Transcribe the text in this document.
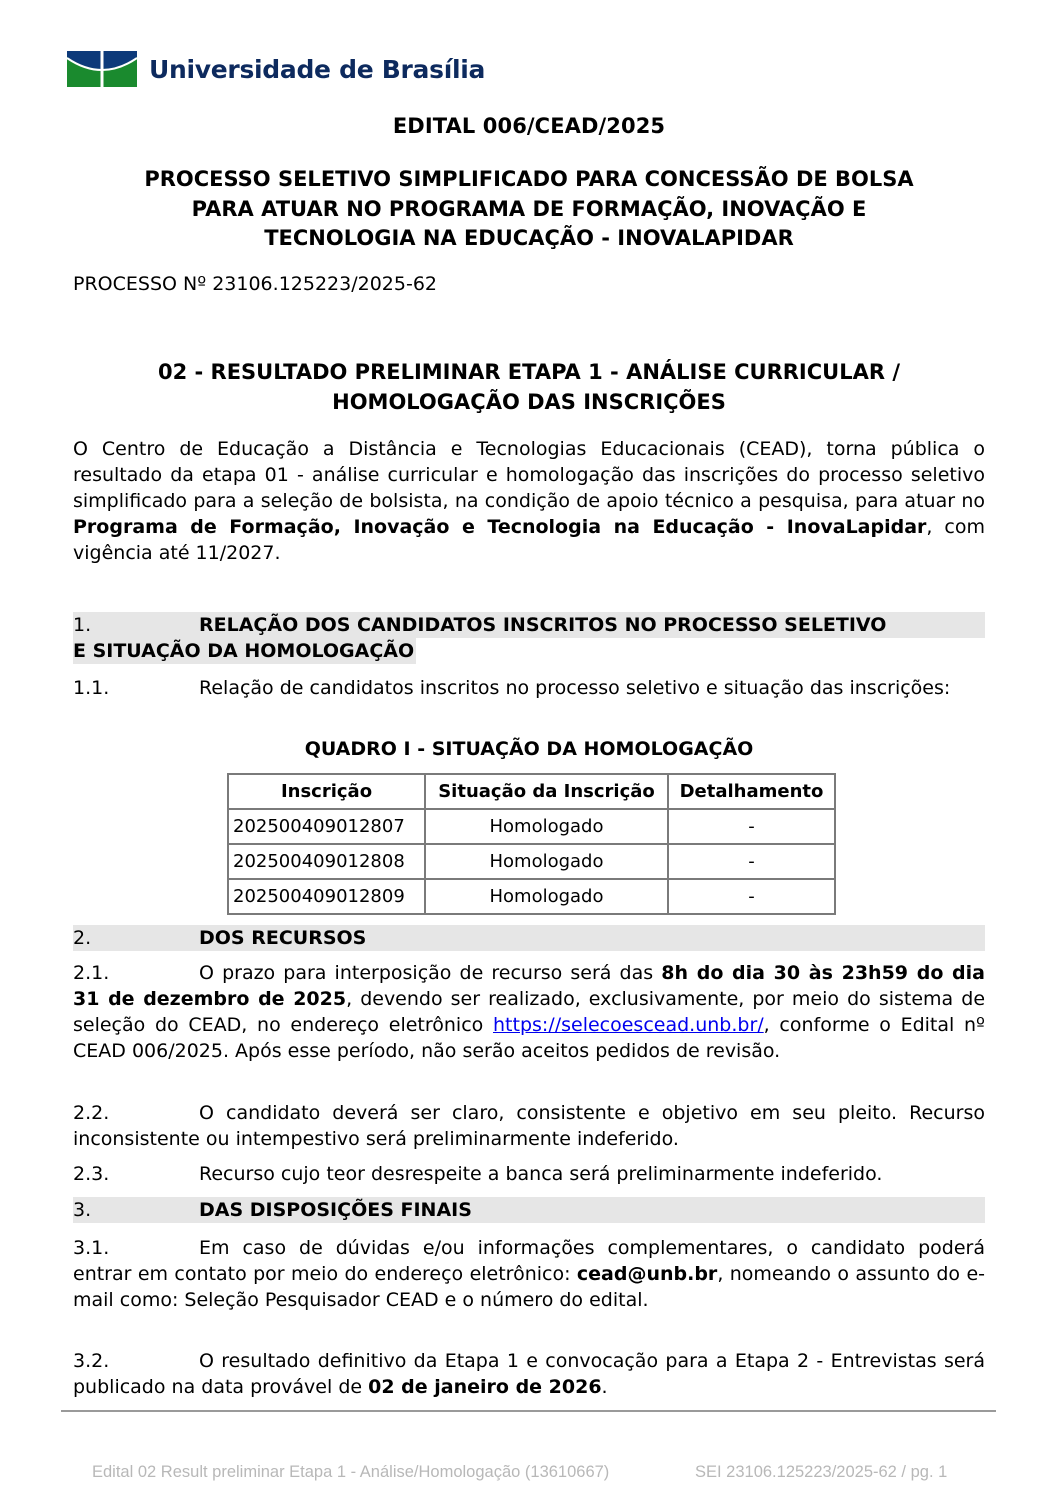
Universidade de Brasília
EDITAL 006/CEAD/2025
PROCESSO SELETIVO SIMPLIFICADO PARA CONCESSÃO DE BOLSA
PARA ATUAR NO PROGRAMA DE FORMAÇÃO, INOVAÇÃO E
TECNOLOGIA NA EDUCAÇÃO - INOVALAPIDAR
PROCESSO Nº 23106.125223/2025-62
02 - RESULTADO PRELIMINAR ETAPA 1 - ANÁLISE CURRICULAR /
HOMOLOGAÇÃO DAS INSCRIÇÕES
O Centro de Educação a Distância e Tecnologias Educacionais (CEAD), torna pública o resultado da etapa 01 - análise curricular e homologação das inscrições do processo seletivo simplificado para a seleção de bolsista, na condição de apoio técnico a pesquisa, para atuar no Programa de Formação, Inovação e Tecnologia na Educação - InovaLapidar, com vigência até 11/2027.
1.	RELAÇÃO DOS CANDIDATOS INSCRITOS NO PROCESSO SELETIVO
E SITUAÇÃO DA HOMOLOGAÇÃO
1.1.	Relação de candidatos inscritos no processo seletivo e situação das inscrições:
QUADRO I - SITUAÇÃO DA HOMOLOGAÇÃO
Inscrição	Situação da Inscrição	Detalhamento
202500409012807	Homologado	-
202500409012808	Homologado	-
202500409012809	Homologado	-
2.	DOS RECURSOS
2.1.	O prazo para interposição de recurso será das 8h do dia 30 às 23h59 do dia 31 de dezembro de 2025, devendo ser realizado, exclusivamente, por meio do sistema de seleção do CEAD, no endereço eletrônico https://selecoescead.unb.br/, conforme o Edital nº CEAD 006/2025. Após esse período, não serão aceitos pedidos de revisão.
2.2.	O candidato deverá ser claro, consistente e objetivo em seu pleito. Recurso inconsistente ou intempestivo será preliminarmente indeferido.
2.3.	Recurso cujo teor desrespeite a banca será preliminarmente indeferido.
3.	DAS DISPOSIÇÕES FINAIS
3.1.	Em caso de dúvidas e/ou informações complementares, o candidato poderá entrar em contato por meio do endereço eletrônico: cead@unb.br, nomeando o assunto do e-mail como: Seleção Pesquisador CEAD e o número do edital.
3.2.	O resultado definitivo da Etapa 1 e convocação para a Etapa 2 - Entrevistas será publicado na data provável de 02 de janeiro de 2026.
Edital 02 Result preliminar Etapa 1 - Análise/Homologação (13610667)	SEI 23106.125223/2025-62 / pg. 1
